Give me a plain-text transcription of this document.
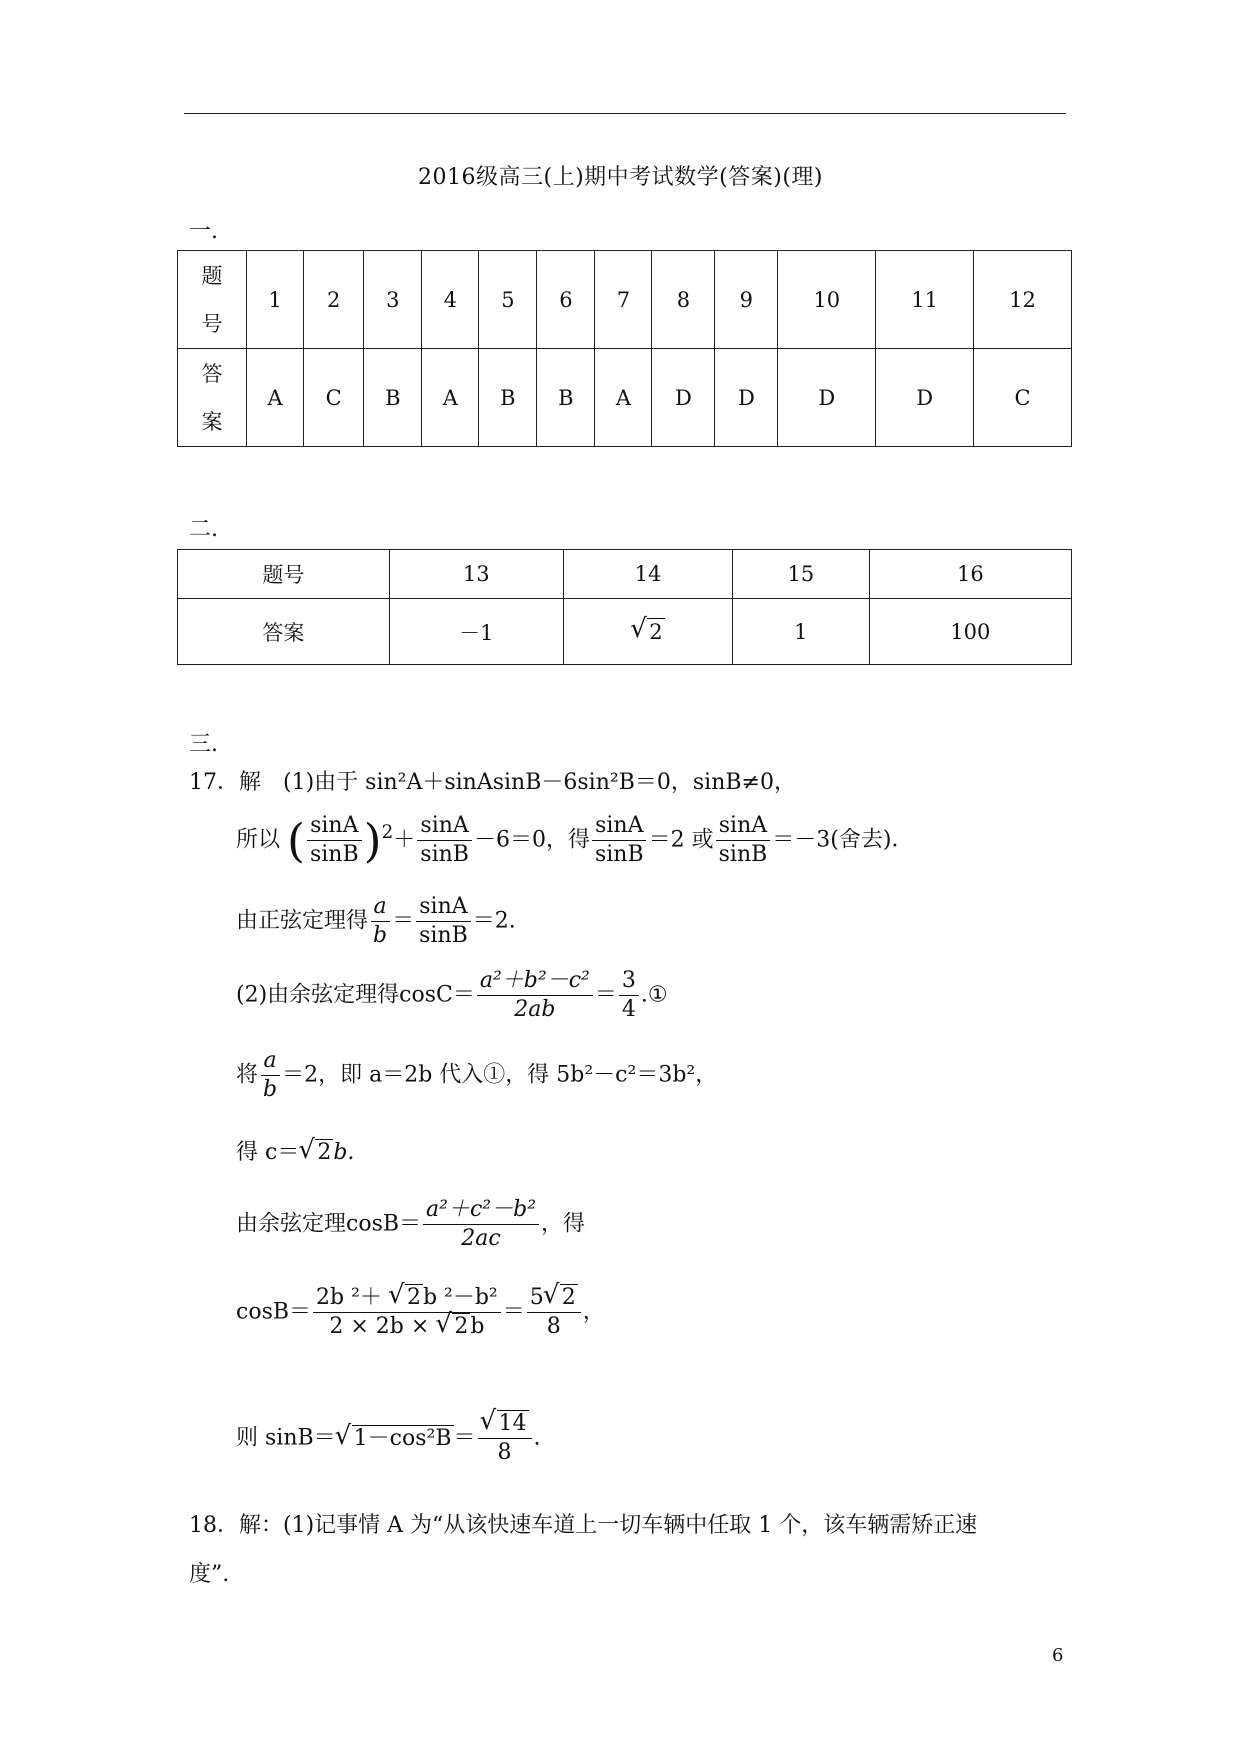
2016级高三(上)期中考试数学(答案)(理)
一.
题
号	1	2	3	4	5	6	7	8	9	10	11	12
答
案	A	C	B	A	B	B	A	D	D	D	D	C
二.
题号	13	14	15	16
答案	－1	√ 2	1	100
三.
17．解　(1)由于 sin²A＋sinAsinB－6sin²B＝0，sinB≠0，
所以 ( $\frac{\sin A}{\sin B} )^2+ \frac{\sin A}{\sin B} -6=0$，得 $\frac{\sin A}{\sin B} =2$ 或 $\frac{\sin A}{\sin B} =-3$(舍去)．
由正弦定理得 $\frac{a}{b} = \frac{\sin A}{\sin B} =2$.
(2)由余弦定理得$\cos C= \frac{\text{a²＋b²－c²}}{2ab} = \frac{3}{4}$ .①
将 $\frac{a}{b} =2$，即 a＝2b 代入①，得 5b²－c²＝3b²，
得 c＝ √ 2b.
由余弦定理$\cos B= \frac{\text{a²＋c²－b²}}{2ac}$ ，得
$\cos B= \frac{\text{2b ²＋ √ 2b ²－b²}}{2 \times 2b \times √ 2b} = \frac{5 √ 2}{8}$ ，
则 sinB＝ √ 1－cos²B＝ √ $\frac{14}{8}$ .
18．解：(1)记事情 A 为“从该快速车道上一切车辆中任取 1 个，该车辆需矫正速
度”.
6
